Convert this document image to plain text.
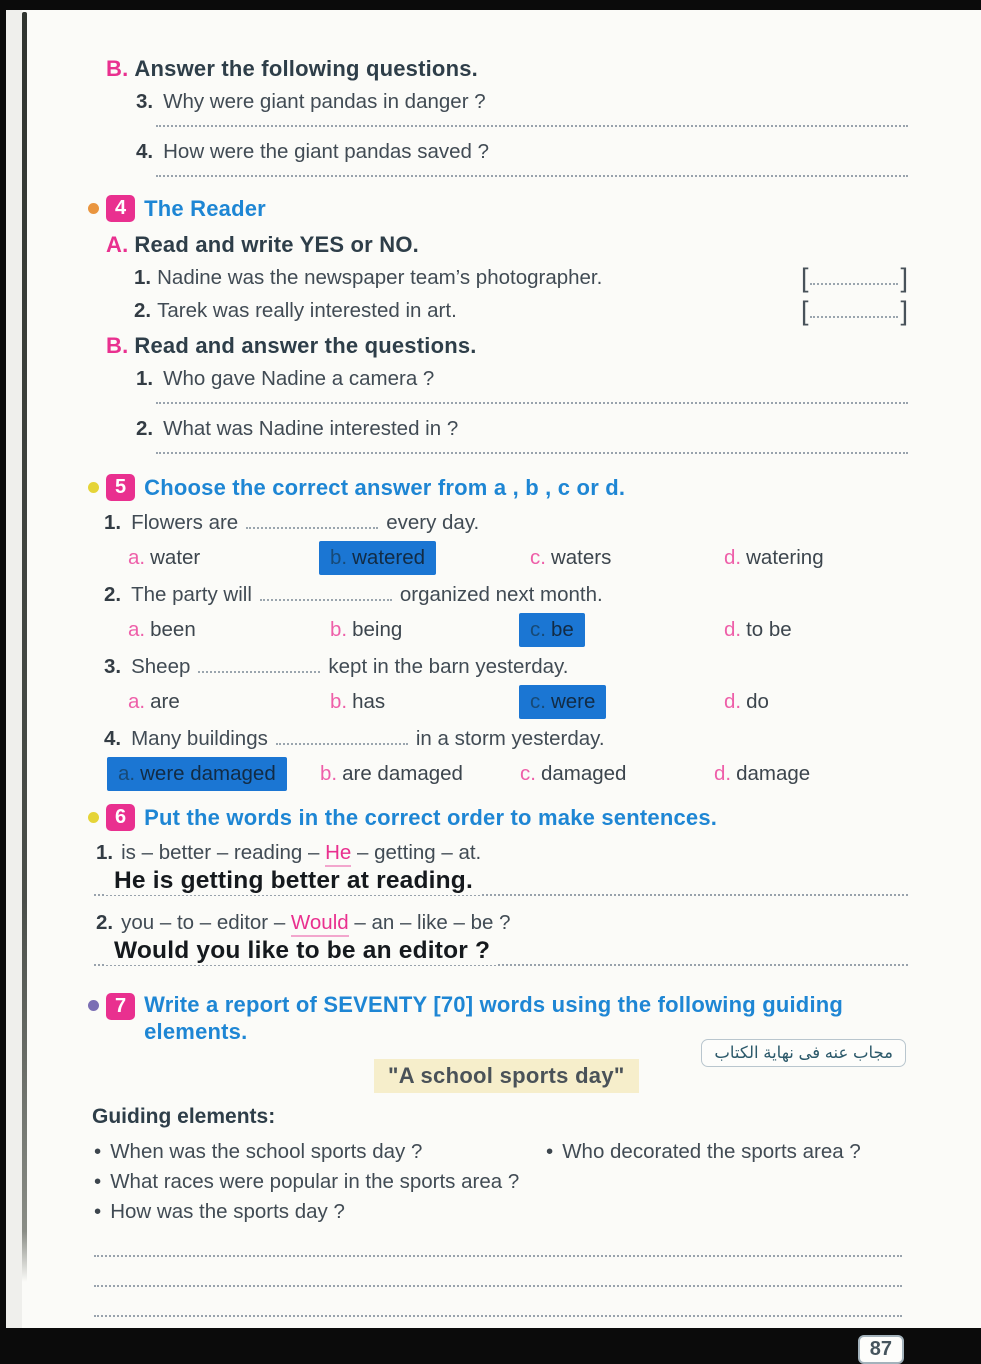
B. Answer the following questions.
3. Why were giant pandas in danger ?
4. How were the giant pandas saved ?
4 The Reader
A. Read and write YES or NO.
1. Nadine was the newspaper team’s photographer.	[	]
2. Tarek was really interested in art.	[	]
B. Read and answer the questions.
1. Who gave Nadine a camera ?
2. What was Nadine interested in ?
5 Choose the correct answer from a , b , c or d.
1. Flowers are	every day.
a. water	b. watered	c. waters	d. watering
2. The party will	organized next month.
a. been	b. being	c. be	d. to be
3. Sheep	kept in the barn yesterday.
a. are	b. has	c. were	d. do
4. Many buildings	in a storm yesterday.
a. were damaged	b. are damaged	c. damaged	d. damage
6 Put the words in the correct order to make sentences.
1. is – better – reading – He – getting – at.
He is getting better at reading.
2. you – to – editor – Would – an – like – be ?
Would you like to be an editor ?
7 Write a report of SEVENTY [70] words using the following guiding elements.
مجاب عنه فى نهاية الكتاب
"A school sports day"
Guiding elements:
• When was the school sports day ?	• Who decorated the sports area ?
• What races were popular in the sports area ?
• How was the sports day ?
87
